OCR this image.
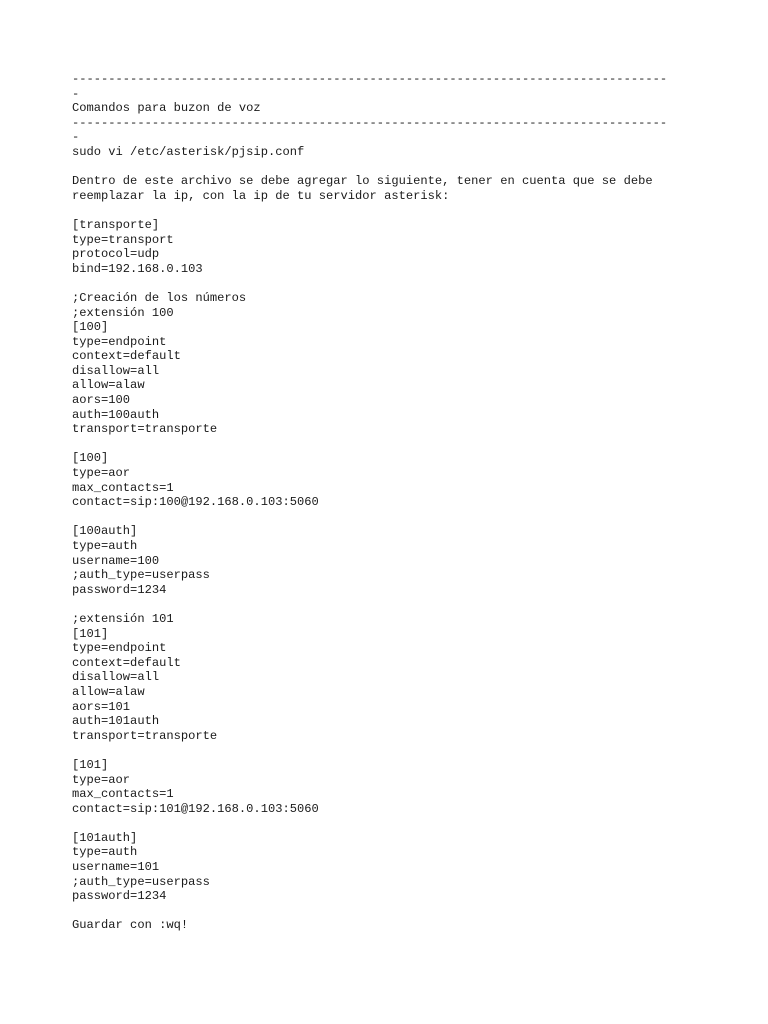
----------------------------------------------------------------------------------
-
Comandos para buzon de voz
----------------------------------------------------------------------------------
-
sudo vi /etc/asterisk/pjsip.conf
Dentro de este archivo se debe agregar lo siguiente, tener en cuenta que se debe
reemplazar la ip, con la ip de tu servidor asterisk:
[transporte]
type=transport
protocol=udp
bind=192.168.0.103
;Creación de los números
;extensión 100
[100]
type=endpoint
context=default
disallow=all
allow=alaw
aors=100
auth=100auth
transport=transporte
[100]
type=aor
max_contacts=1
contact=sip:100@192.168.0.103:5060
[100auth]
type=auth
username=100
;auth_type=userpass
password=1234
;extensión 101
[101]
type=endpoint
context=default
disallow=all
allow=alaw
aors=101
auth=101auth
transport=transporte
[101]
type=aor
max_contacts=1
contact=sip:101@192.168.0.103:5060
[101auth]
type=auth
username=101
;auth_type=userpass
password=1234
Guardar con :wq!
